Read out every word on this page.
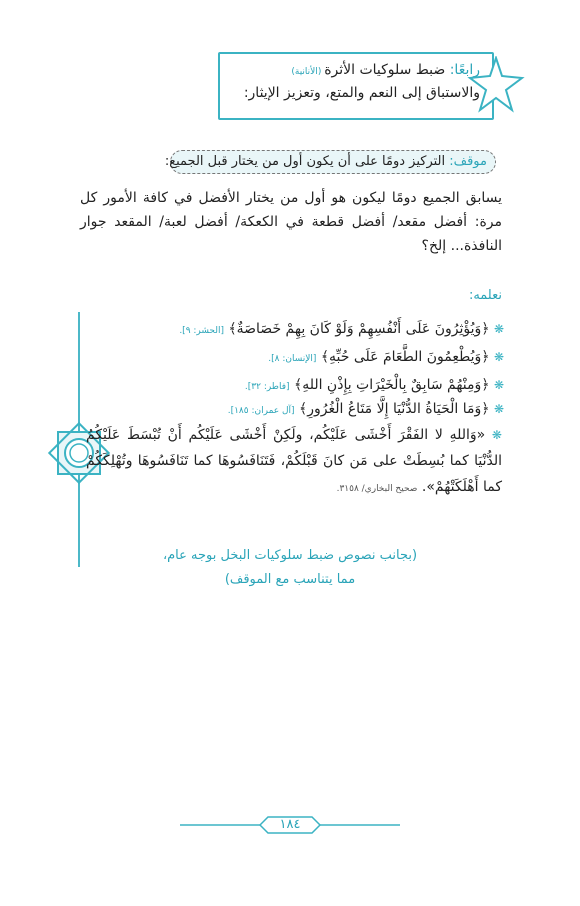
رابعًا: ضبط سلوكيات الأثرة (الأنانية)
والاستباق إلى النعم والمتع، وتعزيز الإيثار:
موقف: التركيز دومًا على أن يكون أول من يختار قبل الجميع:
يسابق الجميع دومًا ليكون هو أول من يختار الأفضل في كافة الأمور كل مرة: أفضل مقعد/ أفضل قطعة في الكعكة/ أفضل لعبة/ المقعد جوار النافذة... إلخ؟
نعلمه:
❋ ﴿وَيُؤْثِرُونَ عَلَى أَنْفُسِهِمْ وَلَوْ كَانَ بِهِمْ خَصَاصَةٌ﴾ [الحشر: ٩].
❋ ﴿وَيُطْعِمُونَ الطَّعَامَ عَلَى حُبِّهِ﴾ [الإنسان: ٨].
❋ ﴿وَمِنْهُمْ سَابِقٌ بِالْخَيْرَاتِ بِإِذْنِ اللهِ﴾ [فاطر: ٣٢].
❋ ﴿وَمَا الْحَيَاةُ الدُّنْيَا إِلَّا مَتَاعُ الْغُرُورِ﴾ [آل عمران: ١٨٥].
❋ «وَاللهِ لا الفَقْرَ أَخْشَى عَلَيْكُم، ولَكِنْ أَخْشَى عَلَيْكُم أَنْ تُبْسَطَ عَلَيْكُمُ الدُّنْيَا كما بُسِطَتْ على مَن كانَ قَبْلَكُمْ، فَتَنَافَسُوهَا كما تَنَافَسُوهَا وتُهْلِكَكُمْ كما أَهْلَكَتْهُمْ». صحيح البخاري/ ٣١٥٨.
(بجانب نصوص ضبط سلوكيات البخل بوجه عام،
مما يتناسب مع الموقف)
١٨٤
